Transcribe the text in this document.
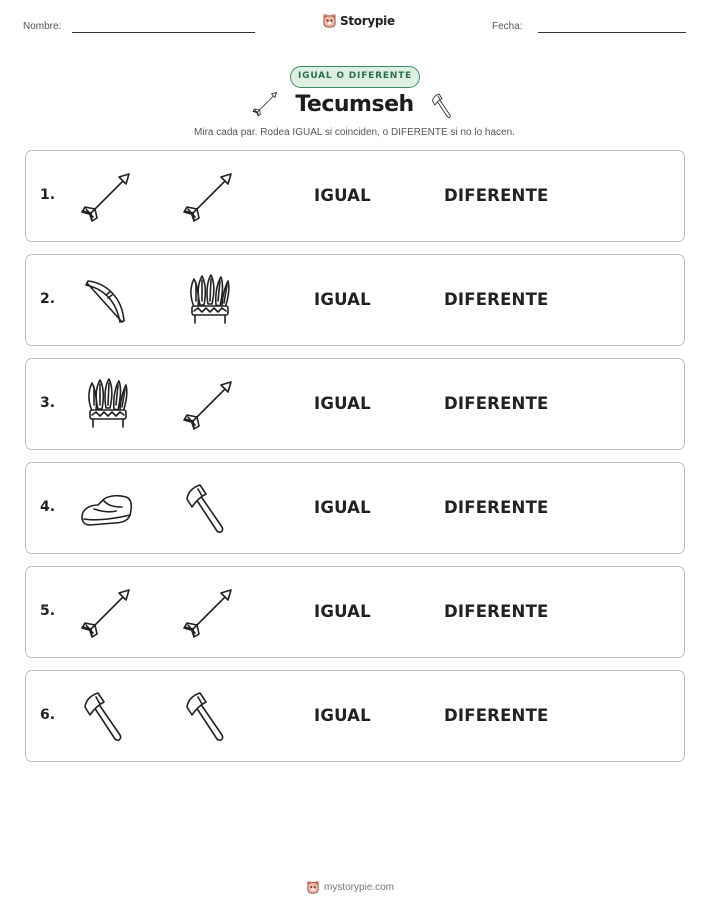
Nombre:	Storypie	Fecha:
IGUAL O DIFERENTE
Tecumseh
Mira cada par. Rodea IGUAL si coinciden, o DIFERENTE si no lo hacen.
1.	IGUAL	DIFERENTE
2.	IGUAL	DIFERENTE
3.	IGUAL	DIFERENTE
4.	IGUAL	DIFERENTE
5.	IGUAL	DIFERENTE
6.	IGUAL	DIFERENTE
mystorypie.com
